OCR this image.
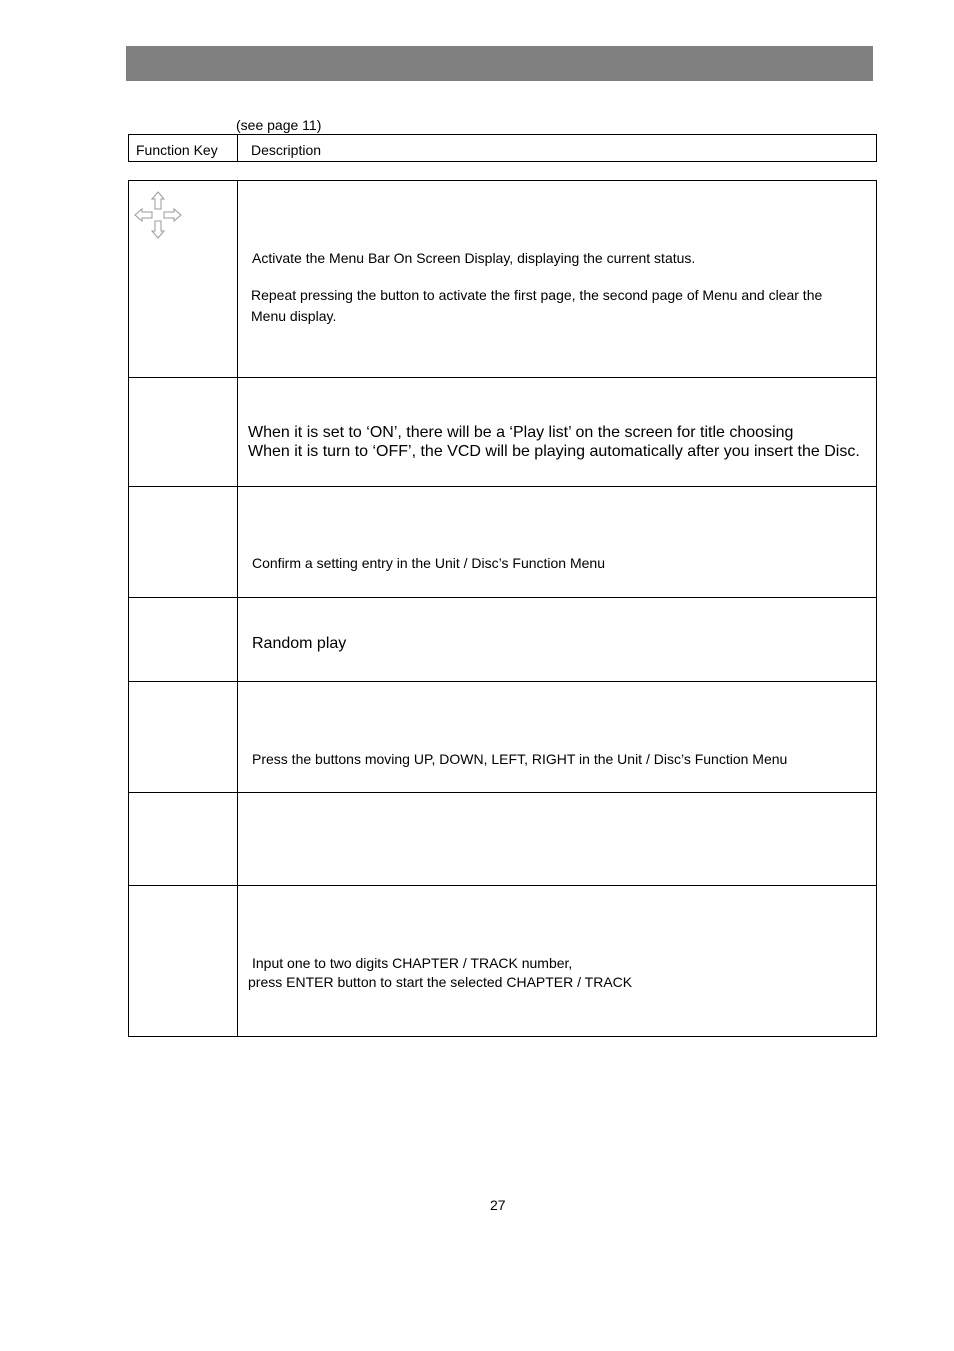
(see page 11)
Function Key Description
Activate the Menu Bar On Screen Display, displaying the current status.
Repeat pressing the button to activate the first page, the second page of Menu and clear the
Menu display.
When it is set to ‘ON’, there will be a ‘Play list’ on the screen for title choosing
When it is turn to ‘OFF’, the VCD will be playing automatically after you insert the Disc.
Confirm a setting entry in the Unit / Disc’s Function Menu
Random play
Press the buttons moving UP, DOWN, LEFT, RIGHT in the Unit / Disc’s Function Menu
Input one to two digits CHAPTER / TRACK number,
press ENTER button to start the selected CHAPTER / TRACK
27
